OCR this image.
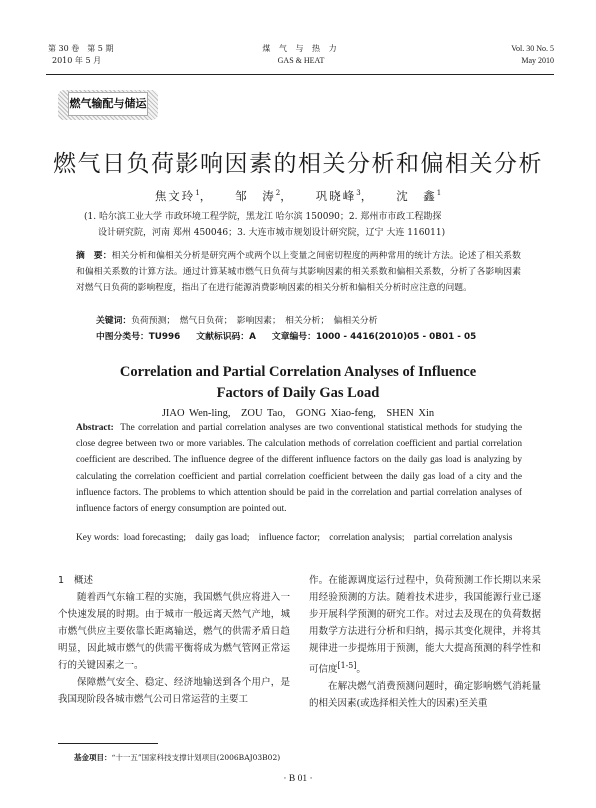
第 30 卷　第 5 期
2010 年 5 月
煤 气 与 热 力
GAS & HEAT
Vol. 30 No. 5
May 2010
燃气输配与储运
燃气日负荷影响因素的相关分析和偏相关分析
焦文玲$^1$， 邹　涛$^2$， 巩晓峰$^3$， 沈　鑫$^1$
(1. 哈尔滨工业大学 市政环境工程学院，黑龙江 哈尔滨 150090；2. 郑州市市政工程勘探
设计研究院，河南 郑州 450046；3. 大连市城市规划设计研究院，辽宁 大连 116011)
摘　要：相关分析和偏相关分析是研究两个或两个以上变量之间密切程度的两种常用的统计方法。论述了相关系数和偏相关系数的计算方法。通过计算某城市燃气日负荷与其影响因素的相关系数和偏相关系数，分析了各影响因素对燃气日负荷的影响程度，指出了在进行能源消费影响因素的相关分析和偏相关分析时应注意的问题。
关键词：负荷预测；　燃气日负荷；　影响因素；　相关分析；　偏相关分析
中图分类号：TU996 文献标识码：A 文章编号：1000 - 4416(2010)05 - 0B01 - 05
Correlation and Partial Correlation Analyses of Influence
Factors of Daily Gas Load
JIAO Wen-ling,　ZOU Tao,　GONG Xiao-feng,　SHEN Xin
Abstract: The correlation and partial correlation analyses are two conventional statistical methods for studying the close degree between two or more variables. The calculation methods of correlation coefficient and partial correlation coefficient are described. The influence degree of the different influence factors on the daily gas load is analyzing by calculating the correlation coefficient and partial correlation coefficient between the daily gas load of a city and the influence factors. The problems to which attention should be paid in the correlation and partial correlation analyses of influence factors of energy consumption are pointed out.
Key words: load forecasting;　daily gas load;　influence factor;　correlation analysis;　partial correlation analysis
1 概述

随着西气东输工程的实施，我国燃气供应将进入一个快速发展的时期。由于城市一般远离天然气产地，城市燃气供应主要依靠长距离输送，燃气的供需矛盾日趋明显，因此城市燃气的供需平衡将成为燃气管网正常运行的关键因素之一。

保障燃气安全、稳定、经济地输送到各个用户，是我国现阶段各城市燃气公司日常运营的主要工

作。在能源调度运行过程中，负荷预测工作长期以来采用经验预测的方法。随着技术进步，我国能源行业已逐步开展科学预测的研究工作。对过去及现在的负荷数据用数学方法进行分析和归纳，揭示其变化规律，并将其规律进一步提炼用于预测，能大大提高预测的科学性和可信度[1-5]。

在解决燃气消费预测问题时，确定影响燃气消耗量的相关因素(或选择相关性大的因素)至关重

基金项目：“十一五”国家科技支撑计划项目(2006BAJ03B02)
· B 01 ·
